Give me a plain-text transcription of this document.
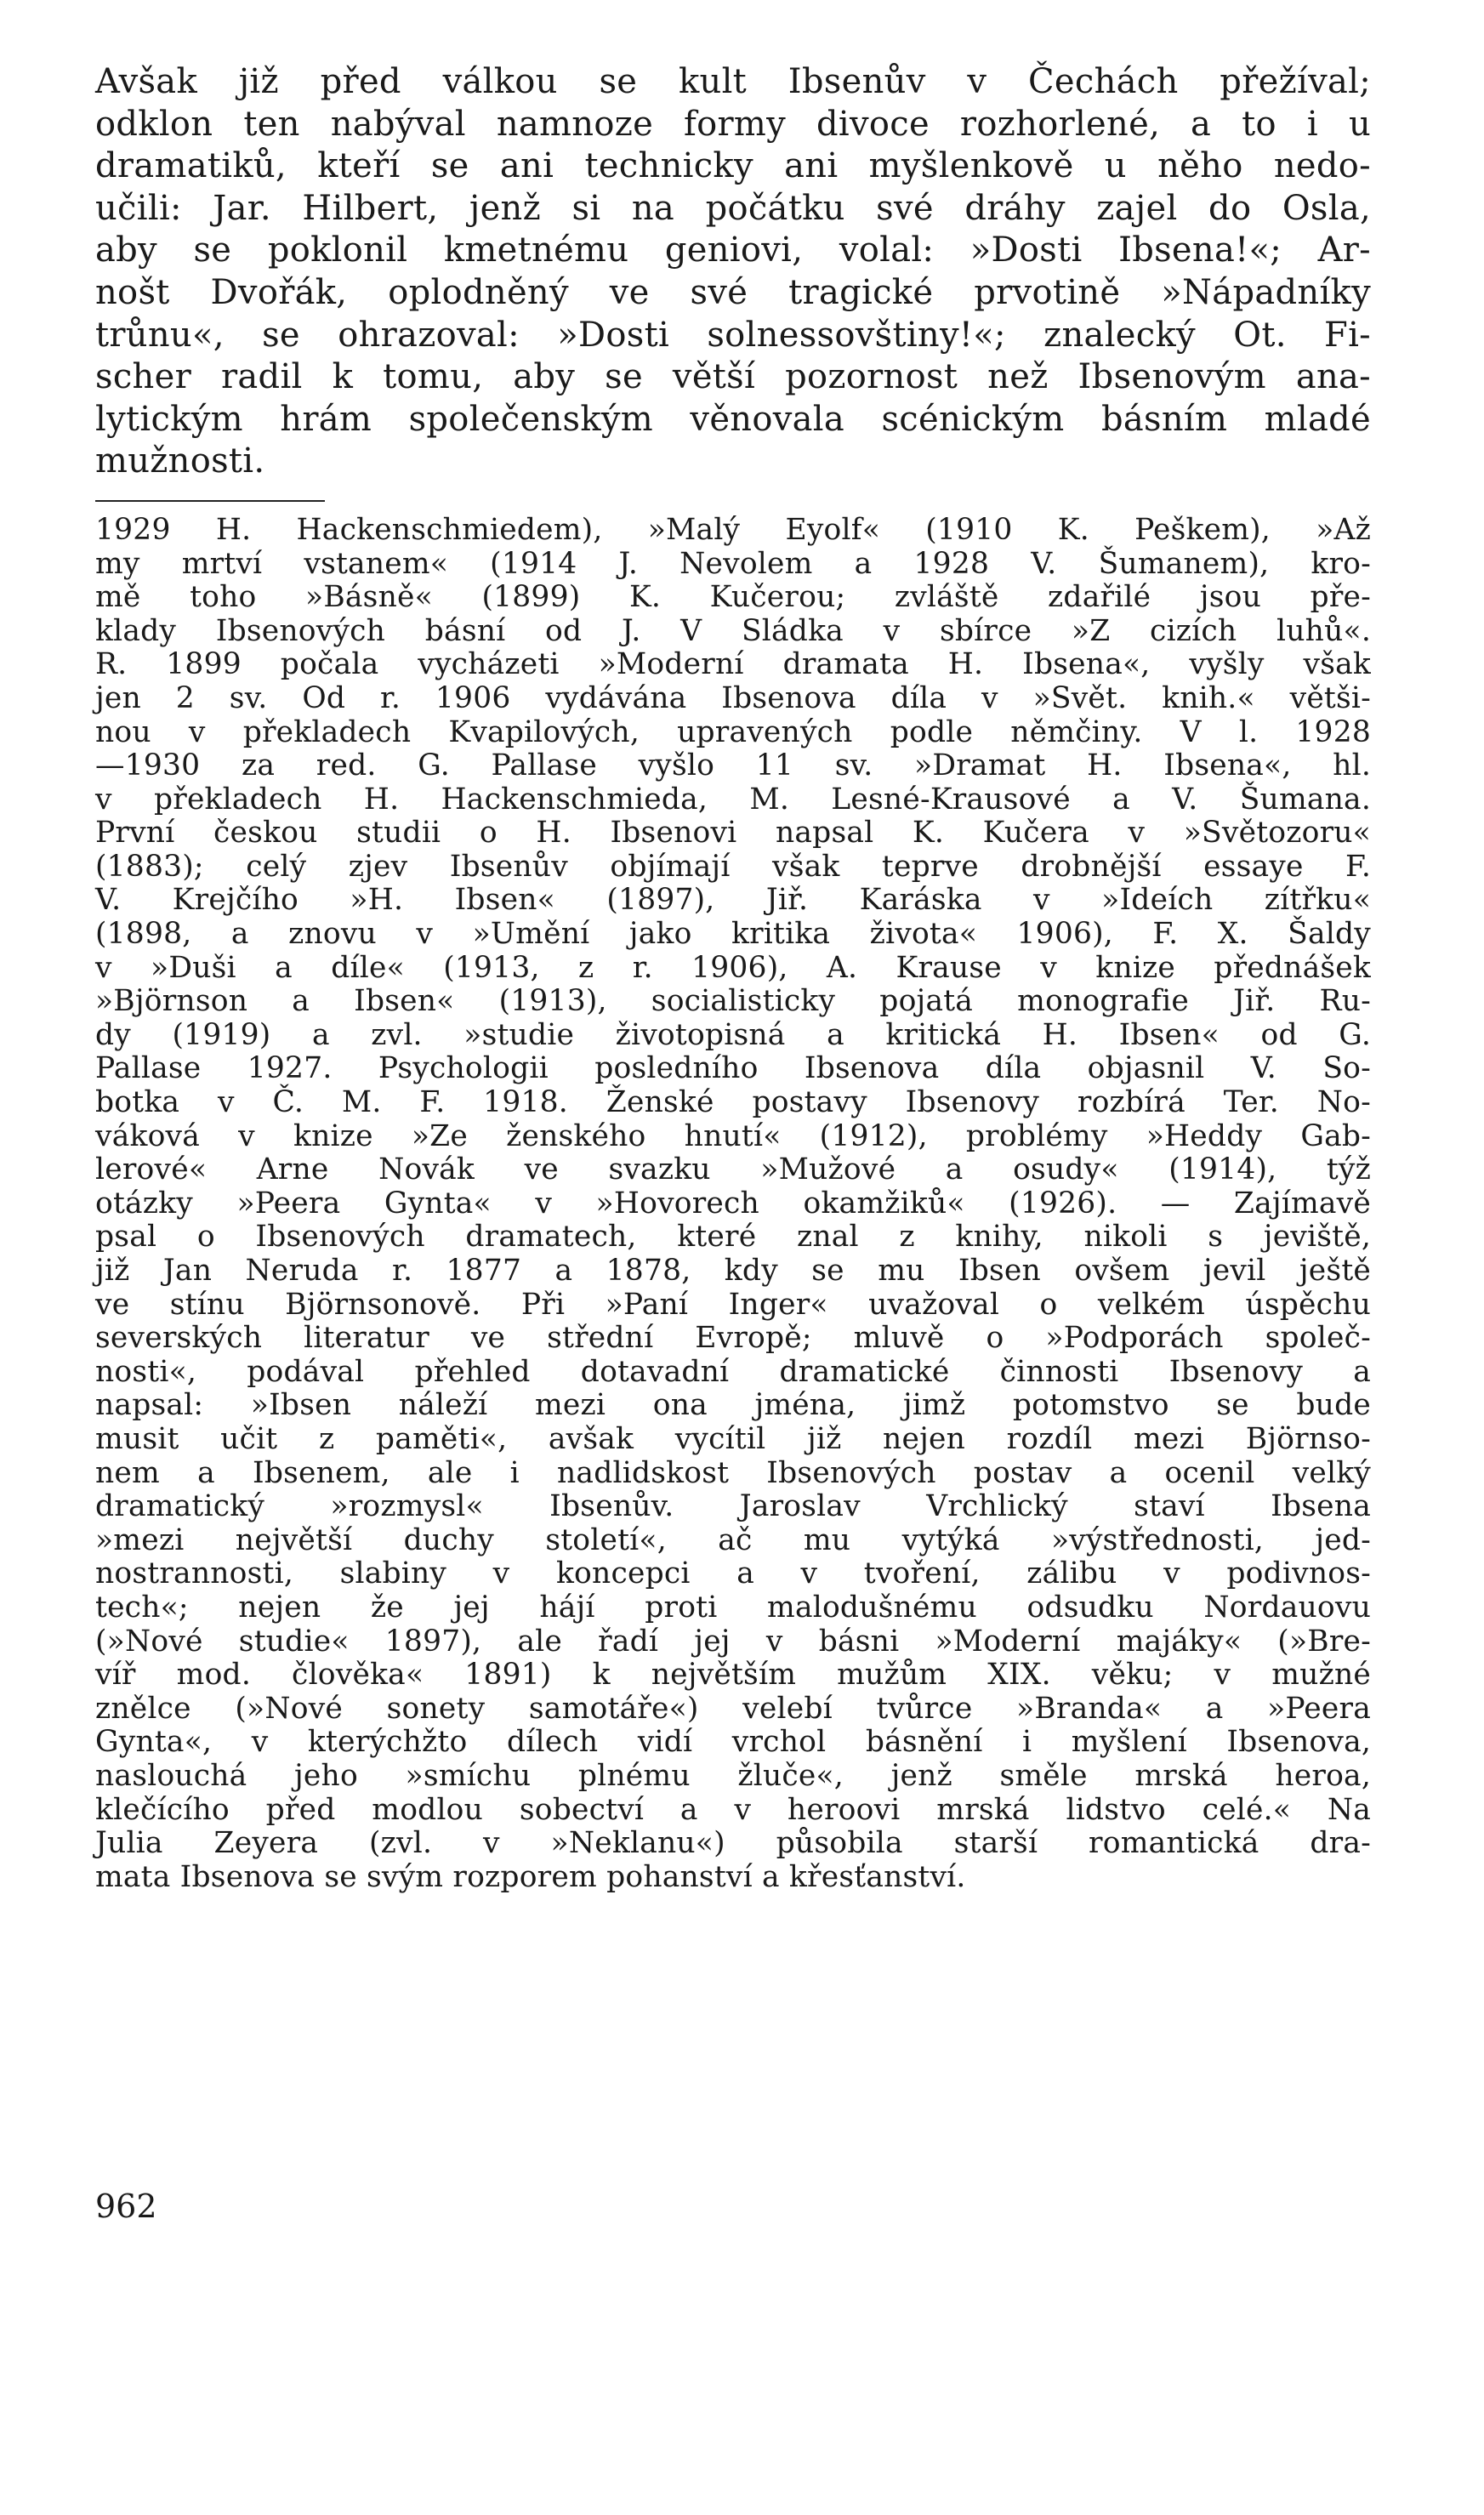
Avšak již před válkou se kult Ibsenův v Čechách přežíval;
odklon ten nabýval namnoze formy divoce rozhorlené, a to i u
dramatiků, kteří se ani technicky ani myšlenkově u něho nedo-
učili: Jar. Hilbert, jenž si na počátku své dráhy zajel do Osla,
aby se poklonil kmetnému geniovi, volal: »Dosti Ibsena!«; Ar-
nošt Dvořák, oplodněný ve své tragické prvotině »Nápadníky
trůnu«, se ohrazoval: »Dosti solnessovštiny!«; znalecký Ot. Fi-
scher radil k tomu, aby se větší pozornost než Ibsenovým ana-
lytickým hrám společenským věnovala scénickým básním mladé
mužnosti.
1929 H. Hackenschmiedem), »Malý Eyolf« (1910 K. Peškem), »Až
my mrtví vstanem« (1914 J. Nevolem a 1928 V. Šumanem), kro-
mě toho »Básně« (1899) K. Kučerou; zvláště zdařilé jsou pře-
klady Ibsenových básní od J. V Sládka v sbírce »Z cizích luhů«.
R. 1899 počala vycházeti »Moderní dramata H. Ibsena«, vyšly však
jen 2 sv. Od r. 1906 vydávána Ibsenova díla v »Svět. knih.« větši-
nou v překladech Kvapilových, upravených podle němčiny. V l. 1928
—1930 za red. G. Pallase vyšlo 11 sv. »Dramat H. Ibsena«, hl.
v překladech H. Hackenschmieda, M. Lesné-Krausové a V. Šumana.
První českou studii o H. Ibsenovi napsal K. Kučera v »Světozoru«
(1883); celý zjev Ibsenův objímají však teprve drobnější essaye F.
V. Krejčího »H. Ibsen« (1897), Jiř. Karáska v »Ideích zítřku«
(1898, a znovu v »Umění jako kritika života« 1906), F. X. Šaldy
v »Duši a díle« (1913, z r. 1906), A. Krause v knize přednášek
»Björnson a Ibsen« (1913), socialisticky pojatá monografie Jiř. Ru-
dy (1919) a zvl. »studie životopisná a kritická H. Ibsen« od G.
Pallase 1927. Psychologii posledního Ibsenova díla objasnil V. So-
botka v Č. M. F. 1918. Ženské postavy Ibsenovy rozbírá Ter. No-
váková v knize »Ze ženského hnutí« (1912), problémy »Heddy Gab-
lerové« Arne Novák ve svazku »Mužové a osudy« (1914), týž
otázky »Peera Gynta« v »Hovorech okamžiků« (1926). — Zajímavě
psal o Ibsenových dramatech, které znal z knihy, nikoli s jeviště,
již Jan Neruda r. 1877 a 1878, kdy se mu Ibsen ovšem jevil ještě
ve stínu Björnsonově. Při »Paní Inger« uvažoval o velkém úspěchu
severských literatur ve střední Evropě; mluvě o »Podporách společ-
nosti«, podával přehled dotavadní dramatické činnosti Ibsenovy a
napsal: »Ibsen náleží mezi ona jména, jimž potomstvo se bude
musit učit z paměti«, avšak vycítil již nejen rozdíl mezi Björnso-
nem a Ibsenem, ale i nadlidskost Ibsenových postav a ocenil velký
dramatický »rozmysl« Ibsenův. Jaroslav Vrchlický staví Ibsena
»mezi největší duchy století«, ač mu vytýká »výstřednosti, jed-
nostrannosti, slabiny v koncepci a v tvoření, zálibu v podivnos-
tech«; nejen že jej hájí proti malodušnému odsudku Nordauovu
(»Nové studie« 1897), ale řadí jej v básni »Moderní majáky« (»Bre-
víř mod. člověka« 1891) k největším mužům XIX. věku; v mužné
znělce (»Nové sonety samotáře«) velebí tvůrce »Branda« a »Peera
Gynta«, v kterýchžto dílech vidí vrchol básnění i myšlení Ibsenova,
naslouchá jeho »smíchu plnému žluče«, jenž směle mrská heroa,
klečícího před modlou sobectví a v heroovi mrská lidstvo celé.« Na
Julia Zeyera (zvl. v »Neklanu«) působila starší romantická dra-
mata Ibsenova se svým rozporem pohanství a křesťanství.
962
